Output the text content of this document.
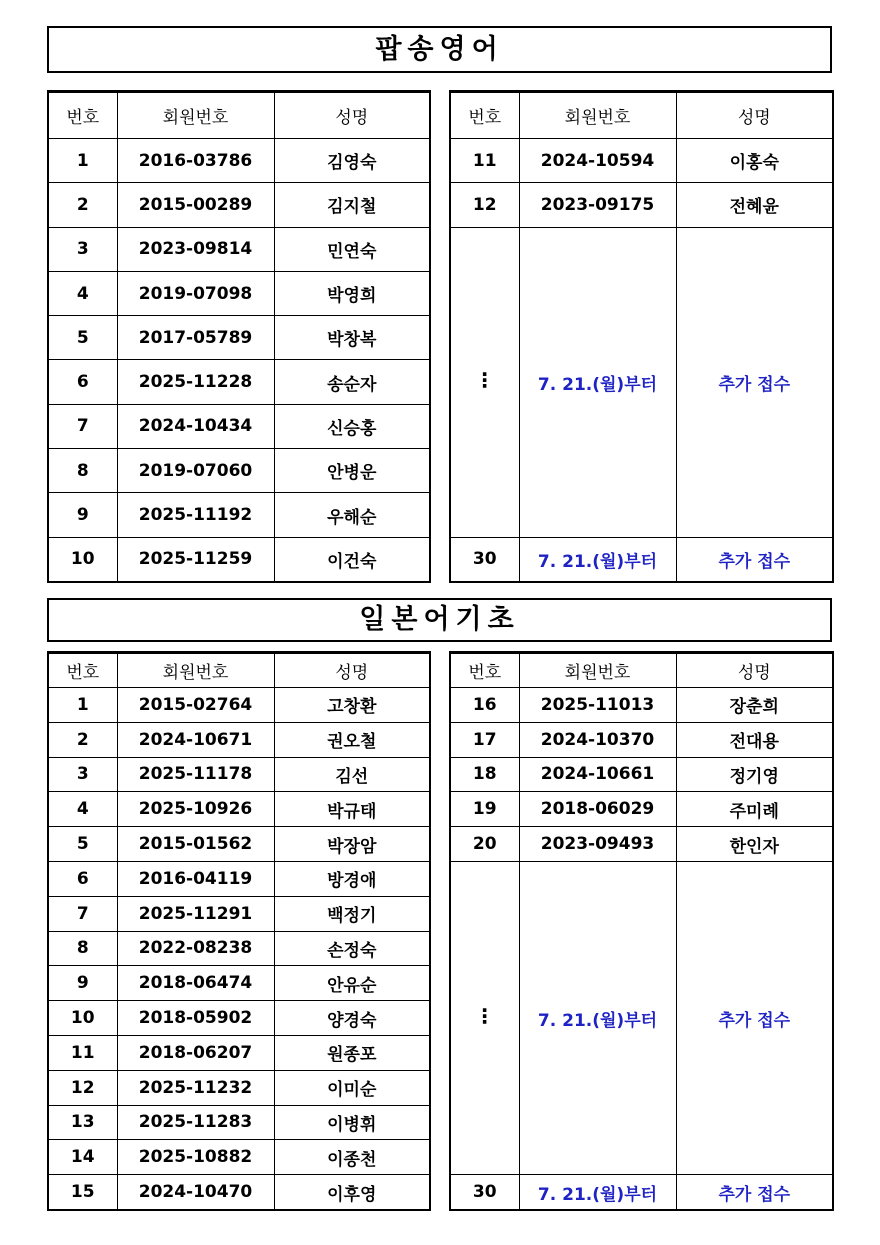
팝송영어
번호	회원번호	성명
1	2016-03786	김영숙
2	2015-00289	김지철
3	2023-09814	민연숙
4	2019-07098	박영희
5	2017-05789	박창복
6	2025-11228	송순자
7	2024-10434	신승홍
8	2019-07060	안병운
9	2025-11192	우해순
10	2025-11259	이건숙
번호	회원번호	성명
11	2024-10594	이홍숙
12	2023-09175	전혜윤
⋮	7. 21.(월)부터	추가 접수
30	7. 21.(월)부터	추가 접수
일본어기초
번호	회원번호	성명
1	2015-02764	고창환
2	2024-10671	권오철
3	2025-11178	김선
4	2025-10926	박규태
5	2015-01562	박장암
6	2016-04119	방경애
7	2025-11291	백정기
8	2022-08238	손정숙
9	2018-06474	안유순
10	2018-05902	양경숙
11	2018-06207	원종포
12	2025-11232	이미순
13	2025-11283	이병휘
14	2025-10882	이종천
15	2024-10470	이후영
번호	회원번호	성명
16	2025-11013	장춘희
17	2024-10370	전대용
18	2024-10661	정기영
19	2018-06029	주미례
20	2023-09493	한인자
⋮	7. 21.(월)부터	추가 접수
30	7. 21.(월)부터	추가 접수
